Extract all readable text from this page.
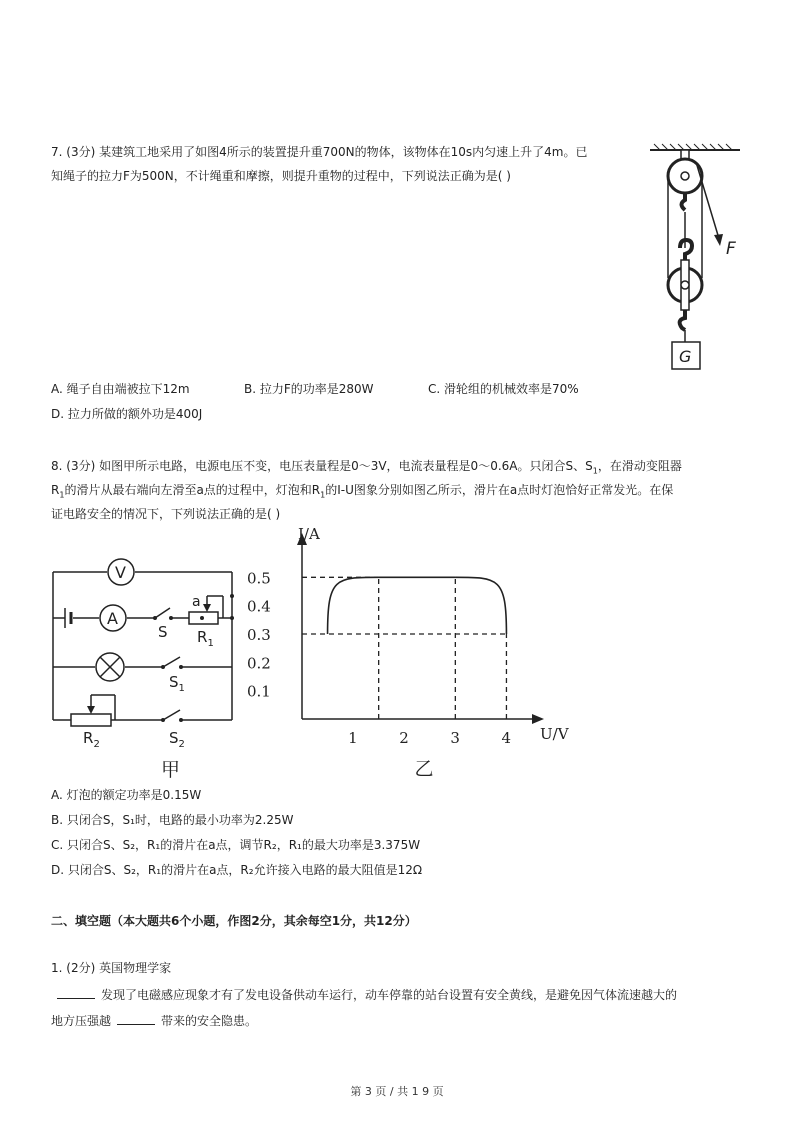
7. (3分) 某建筑工地采用了如图4所示的装置提升重700N的物体，该物体在10s内匀速上升了4m。已
知绳子的拉力F为500N，不计绳重和摩擦，则提升重物的过程中，下列说法正确为是( )
F
G
A. 绳子自由端被拉下12m	B. 拉力F的功率是280W	C. 滑轮组的机械效率是70%
D. 拉力所做的额外功是400J
8. (3分) 如图甲所示电路，电源电压不变，电压表量程是0～3V，电流表量程是0～0.6A。只闭合S、$S_1$，在滑动变阻器
$R_1$的滑片从最右端向左滑至a点的过程中，灯泡和$R_1$的I-U图象分别如图乙所示，滑片在a点时灯泡恰好正常发光。在保
证电路安全的情况下，下列说法正确的是( )
V
A
S
a
$R_1$
$S_1$
$R_2$	$S_2$
甲
1	2	3	4
0.1
0.2
0.3
0.4
0.5
I/A
U/V
乙
A. 灯泡的额定功率是0.15W
B. 只闭合S，S₁时，电路的最小功率为2.25W
C. 只闭合S、S₂，R₁的滑片在a点，调节R₂，R₁的最大功率是3.375W
D. 只闭合S、S₂，R₁的滑片在a点，R₂允许接入电路的最大阻值是12Ω
二、填空题（本大题共6个小题，作图2分，其余每空1分，共12分）
1. (2分) 英国物理学家
发现了电磁感应现象才有了发电设备供动车运行，动车停靠的站台设置有安全黄线，是避免因气体流速越大的
地方压强越	带来的安全隐患。
第 3 页 / 共 1 9 页
